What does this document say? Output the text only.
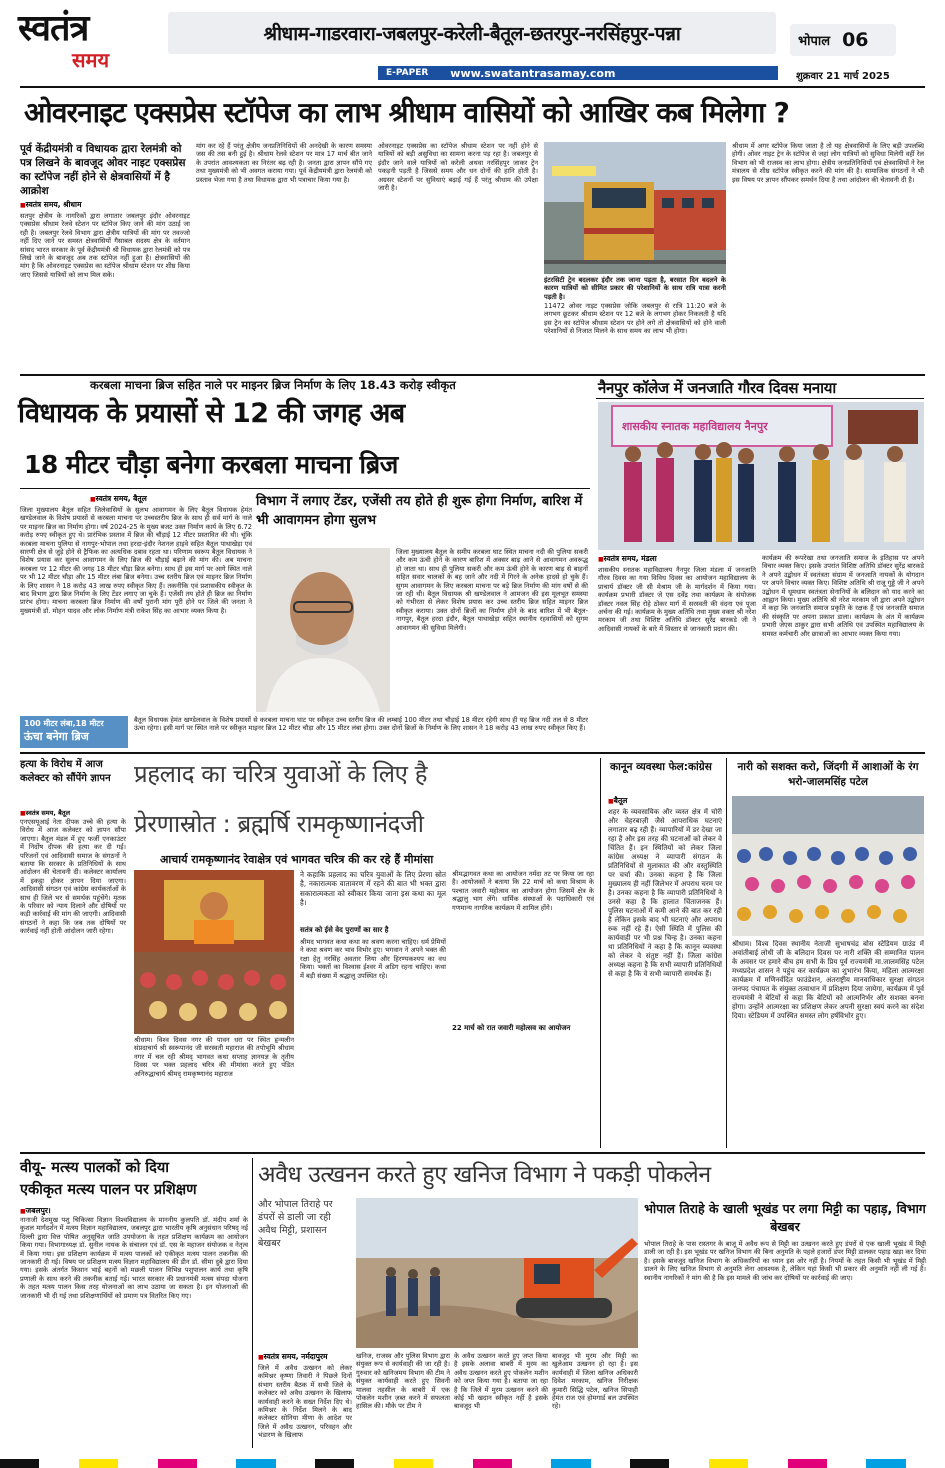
स्वतंत्र
समय
श्रीधाम-गाडरवारा-जबलपुर-करेली-बैतूल-छतरपुर-नरसिंहपुर-पन्ना	भोपाल 06
E-PAPER	www.swatantrasamay.com	शुक्रवार 21 मार्च 2025
ओवरनाइट एक्सप्रेस स्टॉपेज का लाभ श्रीधाम वासियों को आखिर कब मिलेगा ?
पूर्व केंद्रीयमंत्री व विधायक द्वारा रेलमंत्री को पत्र लिखने के बावजूद ओवर नाइट एक्सप्रेस का स्टॉपेज नहीं होने से क्षेत्रवासियों में है आक्रोश
■ स्वतंत्र समय, श्रीधाम
सतपुर क्षेत्रीय के नागरिकों द्वारा लगातार जबलपुर इंदौर ओवरनाइट एक्सप्रेस श्रीधाम रेलवे स्टेशन पर स्टॉपेज किए जाने की मांग उठाई जा रही है। जबलपुर रेलवे विभाग द्वारा क्षेत्रीय यात्रियों की मांग पर तवज्जो नहीं दिए जाने पर समस्त क्षेत्रवासियों गैसाबल सदस्य क्षेत्र के वर्तमान सांसद भारत सरकार के पूर्व केंद्रीयमंत्री श्री विधायक द्वारा रेलमंत्री को पत्र लिखे जाने के बावजूद अब तक स्टॉपेज नहीं हुआ है। क्षेत्रवासियों की मांग है कि ओवरनाइट एक्सप्रेस का स्टॉपेज श्रीधाम स्टेशन पर शीघ्र किया जाए जिससे यात्रियों को लाभ मिल सके।
मांग कर रहे हैं परंतु क्षेत्रीय जनप्रतिनिधियों की अनदेखी के कारण समस्या जस की तस बनी हुई है। श्रीधाम रेलवे स्टेशन पर मात्र 17 मार्च बीत जाने के उपरांत आवश्यकता का निरंतर बढ़ रही है। जनता द्वारा ज्ञापन सौंपे गए तथा मुख्यमंत्री को भी अवगत कराया गया। पूर्व केंद्रीयमंत्री द्वारा रेलमंत्री को प्रस्ताव भेजा गया है तथा विधायक द्वारा भी पत्राचार किया गया है।
ओवरनाइट एक्सप्रेस का स्टॉपेज श्रीधाम स्टेशन पर नहीं होने से यात्रियों को बड़ी असुविधा का सामना करना पड़ रहा है। जबलपुर से इंदौर जाने वाले यात्रियों को करेली अथवा नरसिंहपुर जाकर ट्रेन पकड़नी पड़ती है जिससे समय और धन दोनों की हानि होती है। अग्रसर स्टेशनों पर सुविधाएं बढ़ाई गई हैं परंतु श्रीधाम की उपेक्षा जारी है।
इंटरसिटी ट्रेन बदलकर इंदौर तक जाना पड़ता है, बरसात दिन बदलने के कारण यात्रियों को सीमित प्रकार की परेशानियों के साथ रात्रि यात्रा करनी पड़ती है।
11472 ओवर नाइट एक्सप्रेस जोकि जबलपुर से रात्रि 11:20 बजे के लगभग छूटकर श्रीधाम स्टेशन पर 12 बजे के लगभग होकर निकलती है यदि इस ट्रेन का स्टॉपेज श्रीधाम स्टेशन पर होने लगे तो क्षेत्रवासियों को होने वाली परेशानियों से निजात मिलने के साथ समय का लाभ भी होगा।
श्रीधाम में अगर स्टॉपेज किया जाता है तो यह क्षेत्रवासियों के लिए बड़ी उपलब्धि होगी। ओवर नाइट ट्रेन के स्टॉपेज से जहां लोग यात्रियों को सुविधा मिलेगी वहीं रेल विभाग को भी राजस्व का लाभ होगा। क्षेत्रीय जनप्रतिनिधियों एवं क्षेत्रवासियों ने रेल मंत्रालय से शीघ्र स्टॉपेज स्वीकृत करने की मांग की है। सामाजिक संगठनों ने भी इस विषय पर ज्ञापन सौंपकर समर्थन दिया है तथा आंदोलन की चेतावनी दी है।
करबला माचना ब्रिज सहित नाले पर माइनर ब्रिज निर्माण के लिए 18.43 करोड़ स्वीकृत
विधायक के प्रयासों से 12 की जगह अब
18 मीटर चौड़ा बनेगा करबला माचना ब्रिज
■ स्वतंत्र समय, बैतूल
जिला मुख्यालय बैतूल सहित जिलेवासियों के सुलभ आवागमन के लिए बैतूल विधायक हेमंत खण्डेलवाल के विशेष प्रयासों से करबला माचना पर उच्चस्तरीय ब्रिज के साथ ही सर्व मार्ग के नाले पर माइनर ब्रिज का निर्माण होगा। वर्ष 2024-25 के मुख्य बजट उक्त निर्माण कार्य के लिए 6.72 करोड़ रुपए स्वीकृत हुए थे। प्रारंभिक प्रस्ताव में ब्रिज की चौड़ाई 12 मीटर प्रस्तावित की थी। चूंकि करबला माचना पुलिया से नागपुर-भोपाल तथा हरदा-इंदौर नेशनल हाइवे सहित बैतूल पाथाखेड़ा एवं सारणी क्षेत्र से जुड़े होने से ट्रैफिक का अत्यधिक दबाव रहता था। परिणाम स्वरूप बैतूल विधायक ने विशेष प्रयास कर सुलभ आवागमन के लिए ब्रिज की चौड़ाई बढ़ाने की मांग की। अब माचना करबला पर 12 मीटर की जगह 18 मीटर चौड़ा ब्रिज बनेगा। साथ ही इस मार्ग पर आगे स्थित नाले पर भी 12 मीटर चौड़ा और 15 मीटर लंबा ब्रिज बनेगा। उच्च स्तरीय ब्रिज एवं माइनर ब्रिज निर्माण के लिए शासन ने 18 करोड़ 43 लाख रुपए स्वीकृत किए हैं। तकनीकि एवं प्रशासकीय स्वीकृत के बाद विभाग द्वारा ब्रिज निर्माण के लिए टेंडर लगाए जा चुके हैं। एजेंसी तय होते ही ब्रिज का निर्माण प्रारंभ होगा। माचना करबला ब्रिज निर्माण की वर्षों पुरानी मांग पूरी होने पर जिले की जनता ने मुख्यमंत्री डॉ. मोहन यादव और लोक निर्माण मंत्री राकेश सिंह का आभार व्यक्त किया है।
विभाग नें लगाए टेंडर, एजेंसी तय होते ही शुरू होगा निर्माण, बारिश में भी आवागमन होगा सुलभ
जिला मुख्यालय बैतूल के समीप करबला घाट स्थित माचना नदी की पुलिया सकरी और कम ऊंची होने के कारण बारिश में अक्सर बाढ़ आने से आवागमन अवरूद्ध हो जाता था। साथ ही पुलिया सकरी और कम ऊंची होने के कारण बाढ़ से बाहनों सहित सवार चालकों के बह जाने और नदी में गिरने के अनेक हादसे हो चुके हैं। सुगम आवागमन के लिए करबला माचना पर बड़े ब्रिज निर्माण की मांग वर्षों से की जा रही थी। बैतूल विधायक श्री खण्डेलवाल ने आमजन की इस मूलभूत समस्या को गंभीरता से लेकर विशेष प्रयास कर उच्च स्तरीय ब्रिज सहित माइनर ब्रिज स्वीकृत कराया। उक्त दोनों ब्रिजों का निर्माण होने के बाद बारिश में भी बैतूल-नागपुर, बैतूल हरदा इंदौर, बैतूल पाथाखेड़ा सहित स्थानीय रहवासियों को सुगम आवागमन की सुविधा मिलेगी।
100 मीटर लंबा,18 मीटर
ऊंचा बनेगा ब्रिज
बैतूल विधायक हेमंत खण्डेलवाल के विशेष प्रयासों से करबला माचना घाट पर स्वीकृत उच्च स्तरीय ब्रिज की लम्बाई 100 मीटर तथा चौड़ाई 18 मीटर रहेगी साथ ही यह ब्रिज नदी तल से 8 मीटर ऊंचा रहेगा। इसी मार्ग पर स्थित नाले पर स्वीकृत माइनर ब्रिज 12 मीटर चौड़ा और 15 मीटर लंबा होगा। उक्त दोनों ब्रिजों के निर्माण के लिए शासन ने 18 करोड़ 43 लाख रुपए स्वीकृत किए हैं।
नैनपुर कॉलेज में जनजाति गौरव दिवस मनाया
शासकीय स्नातक महाविद्यालय नैनपुर
■ स्वतंत्र समय, मंडला
शासकीय स्नातक महाविद्यालय नैनपुर जिला मंडला में जनजाति गौरव दिवस का गया विविध दिवस का आयोजन महाविद्यालय के प्राचार्य डॉक्टर जी सी मेश्राम जी के मार्गदर्शन में किया गया। कार्यक्रम प्रभारी डॉक्टर जे एस दर्वेंद्र तथा कार्यक्रम के संयोजक डॉक्टर नवल सिंह रोहे ठोकर मार्ग में सरस्वती की वंदना एवं पूजा अर्चना की गई। कार्यक्रम के मुख्य अतिथि तथा मुख्य वक्ता श्री नरेश मरकाम जी तथा विशिष्ट अतिथि डॉक्टर सुरेंद्र बारकडे जी ने आदिवासी नायकों के बारे में विस्तार से जानकारी प्रदान की।
कार्यक्रम की रूपरेखा तथा जनजाति समाज के इतिहास पर अपने विचार व्यक्त किए। इसके उपरांत विशिष्ट अतिथि डॉक्टर सुरेंद्र बारकडे ने अपने उद्बोधन में स्वतंत्रता संग्राम में जनजाति नायकों के योगदान पर अपने विचार व्यक्त किए। विशिष्ट अतिथि श्री राजू गुड्डे जी ने अपने उद्बोधन में धूमधाम स्वतंत्रता सेनानियों के बलिदान को याद करने का आह्वान किया। मुख्य अतिथि श्री नरेश मरकाम जी द्वारा अपने उद्बोधन में कहा कि जनजाति समाज प्रकृति के रक्षक हैं एवं जनजाति समाज की संस्कृति पर अपना प्रकाश डाला। कार्यक्रम के अंत में कार्यक्रम प्रभारी जेएस ठाकुर द्वारा सभी अतिथि एवं उपस्थित महाविद्यालय के समस्त कर्मचारी और छात्राओं का आभार व्यक्त किया गया।
हत्या के विरोध में आज कलेक्टर को सौंपेंगे ज्ञापन
■ स्वतंत्र समय, बैतूल
एनएसयूआई नेता दीपक उच्चे की हत्या के विरोध में आज कलेक्टर को ज्ञापन सौंपा जाएगा। बैतूल मंडल में हुए फर्जी एनकाउंटर में निर्दोष दीपक की हत्या कर दी गई। परिजनों एवं आदिवासी समाज के संगठनों ने बताया कि सरकार के प्रतिनिधियों के साथ आंदोलन की चेतावनी दी। कलेक्टर कार्यालय में इकट्ठा होकर ज्ञापन दिया जाएगा। आदिवासी संगठन एवं कांग्रेस कार्यकर्ताओं के साथ ही जिले भर से समर्थक पहुंचेंगे। मृतक के परिवार को न्याय दिलाने और दोषियों पर कड़ी कार्रवाई की मांग की जाएगी। आदिवासी संगठनों ने कहा कि जब तक दोषियों पर कार्रवाई नहीं होती आंदोलन जारी रहेगा।
प्रहलाद का चरित्र युवाओं के लिए है
प्रेरणास्रोत : ब्रह्मर्षि रामकृष्णानंदजी
आचार्य रामकृष्णानंद रेवाक्षेत्र एवं भागवत चरित्र की कर रहे हैं मीमांसा
श्रीधाम। विश्व दिवस नगर की पावन धरा पर स्थित हृन्मलीन संप्रदाचार्य श्री स्वरूपानंद जी सरस्वती महाराज की तपोभूमि श्रीधाम नगर में चल रही श्रीमद् भागवत कथा सप्ताह ज्ञानयज्ञ के तृतीय दिवस पर भक्त प्रहलाद चरित्र की मीमांसा करते हुए पंडित अनिरुद्धाचार्य श्रीमद् रामकृष्णानंद महाराज
ने कहाकि प्रहलाद का चरित्र युवाओं के लिए प्रेरणा स्रोत है, नकारात्मक वातावरण में रहने की बात भी भक्त द्वारा सकारात्मकता को स्वीकार किया जाना इस कथा का मूल है।
सतंत्र को ईसे वेद पुराणों का सार है
श्रीमद भागवत कथा कथा का श्रवण करना चाहिए। धर्म प्रेमियों ने कथा श्रवण कर भाव विभोर हुए। भगवान ने अपने भक्त की रक्षा हेतु नरसिंह अवतार लिया और हिरण्यकश्यप का वध किया। भक्तों का विश्वास ईश्वर में अडिग रहना चाहिए। कथा में बड़ी संख्या में श्रद्धालु उपस्थित रहे।
श्रीमद्भागवत कथा का आयोजन नर्मदा तट पर किया जा रहा है। आयोजकों ने बताया कि 22 मार्च को कथा विश्राम के पश्चात जवारी महोत्सव का आयोजन होगा जिसमें क्षेत्र के श्रद्धालु भाग लेंगे। धार्मिक संस्थाओं के पदाधिकारी एवं गणमान्य नागरिक कार्यक्रम में शामिल होंगे।
22 मार्च को रात जवारी महोत्सव का आयोजन
कानून व्यवस्था फेल:कांग्रेस
■ बैतूल
शहर के व्यवसायिक और व्यस्त क्षेत्र में चोरी और चेहरबाज़ी जैसे आपराधिक घटनाएं लगातार बढ़ रही हैं। व्यापारियों में डर देखा जा रहा है और इस तरह की घटनाओं को लेकर वे चिंतित हैं। इन स्थितियों को लेकर जिला कांग्रेस अध्यक्ष ने व्यापारी संगठन के प्रतिनिधियों से मुलाकात की और वस्तुस्थिति पर चर्चा की। उनका कहना है कि जिला मुख्यालय ही नहीं जिलेभर में अपराध चरम पर है। उनका कहना है कि व्यापारी प्रतिनिधियों ने उनसे कहा है कि हालात चिंताजनक हैं। पुलिस घटनाओं में कमी आने की बात कर रही है लेकिन इसके बाद भी घटनाएं और अपराध रुक नहीं रहे हैं। ऐसी स्थिति में पुलिस की कार्यवाही पर भी प्रश्न चिन्ह है। उनका कहना था प्रतिनिधियों ने कहा है कि कानून व्यवस्था को लेकर वे संतुष्ट नहीं हैं। जिला कांग्रेस अध्यक्ष कहना है कि सभी व्यापारी प्रतिनिधियों से कहा है कि वे सभी व्यापारी समर्थक हैं।
नारी को सशक्त करो, जिंदगी में आशाओं के रंग भरो-जालमसिंह पटेल
श्रीधाम। विश्व दिवस स्थानीय नेताजी सुभाषचंद्र बोस स्टेडियम ग्राउंड में अवांतीबाई लोधी जी के बलिदान दिवस पर नारी शक्ति की सम्मानित पालन के अवसर पर हमारे बीच हम सभी के प्रिय पूर्व राज्यमंत्री मा.जालमसिंह पटेल मध्यप्रदेश शासन ने पहुंच कर कार्यक्रम का शुभारंभ किया, महिला आत्मरक्षा कार्यक्रम में मणिनर्वदित फाउंडेशन, अंतराष्ट्रीय मानवाधिकार सुरक्षा संगठन जनपद पंचायत के संयुक्त तत्वाधान में प्रशिक्षण दिया जायेगा, कार्यक्रम में पूर्व राज्यमंत्री ने बेटियों से कहा कि बेटियों को आत्मनिर्भर और सशक्त बनना होगा। उन्होंने आत्मरक्षा का प्रशिक्षण लेकर अपनी सुरक्षा स्वयं करने का संदेश दिया। स्टेडियम में उपस्थित समस्त लोग हर्षविभोर हुए।
वीयू- मत्स्य पालकों को दिया
एकीकृत मत्स्य पालन पर प्रशिक्षण
■ जबलपुर।
नानाजी देशमुख पशु चिकित्सा विज्ञान विश्वविद्यालय के माननीय कुलपति डॉ. मंदीप शर्मा के कुशल मार्गदर्शन में मत्स्य विज्ञान महाविद्यालय, जबलपुर द्वारा भारतीय कृषि अनुसंधान परिषद् नई दिल्ली द्वारा वित्त पोषित अनुसूचित जाति उपयोजना के तहत प्रशिक्षण कार्यक्रम का आयोजन किया गया। विभागाध्यक्ष डॉ. सुनील नायक के संचालन एवं डॉ. एस के महाजन संयोजक व नेतृत्व में किया गया। इस प्रशिक्षण कार्यक्रम में मत्स्य पालकों को एकीकृत मत्स्य पालन तकनीक की जानकारी दी गई। विषय पर प्रशिक्षण मत्स्य विज्ञान महाविद्यालय की डीन डॉ. सीमा दुबे द्वारा दिया गया। इसके अंतर्गत किसान भाई बहनों को मछली पालन विभिन्न पशुपालन कार्य तथा कृषि प्रणाली के साथ करने की तकनीक बताई गई। भारत सरकार की प्रधानमंत्री मत्स्य संपदा योजना के तहत मत्स्य पालन किस तरह योजनाओं का लाभ उठाया जा सकता है। इन योजनाओं की जानकारी भी दी गई तथा प्रशिक्षणार्थियों को प्रमाण पत्र वितरित किए गए।
अवैध उत्खनन करते हुए खनिज विभाग ने पकड़ी पोकलेन
और भोपाल तिराहे पर डंपरों से डाली जा रही अवैध मिट्टी, प्रशासन बेखबर
■ स्वतंत्र समय, नर्मदापुरम
जिले में अवैध उत्खनन को लेकर कमिश्नर कृष्णा तिवारी ने पिछले दिनों संभाग स्तरीय बैठक में सभी जिले के कलेक्टर को अवैध उत्खनन के खिलाफ कार्यवाही करने के सख्त निर्देश दिए थे। कमिश्नर के निर्देश मिलने के बाद कलेक्टर सोनिया मीणा के आदेश पर जिले में अवैध उत्खनन, परिवहन और भंडारण के खिलाफ
खनिज, राजस्व और पुलिस विभाग द्वारा संयुक्त रूप से कार्यवाही की जा रही है। गुरुवार को खनिजमय विभाग की टीम ने संयुक्त कार्यवाही करते हुए सिवनी मालवा तहसील के बाबरी में एक पोकलेन मशीन ज़ब्त करने में सफलता हासिल की। मौके पर टीम ने
के अवैध उत्खनन करते हुए जप्त किया है इसके अलावा बाबरी में मुरम का अवैध उत्खनन करते हुए पोकलेन मशीन को जप्त किया गया है। बताया जा रहा है कि जिले में मुरम उत्खनन करने की कोई भी खदान स्वीकृत नहीं है इसके बावजूद भी
बावजूद भी मुरम और मिट्टी का खुलेआम उत्खनन हो रहा है। इस कार्यवाही में जिला खनिज अधिकारी दिवेश मरकाम, खनिज निरीक्षक कुमारी सिद्धि पटेल, खनिज सिपाही हेमंत राज एवं होमगार्ड बल उपस्थित रहे।
भोपाल तिराहे के खाली भूखंड पर लगा मिट्टी का पहाड़, विभाग बेखबर
भोपाल तिराहे के पास रास्तगर के बाजू में अवैध रूप से मिट्टी का उत्खनन करते हुए डंपरों से एक खाली भूखंड में मिट्टी डाली जा रही है। इस भूखंड पर खनिज विभाग की बिना अनुमति के पहले हजारों डंपर मिट्टी डालकर पहाड़ खड़ा कर दिया है। इसके बावजूद खनिज विभाग के अधिकारियों का ध्यान इस ओर नहीं है। नियमों के तहत किसी भी भूखंड में मिट्टी डालने के लिए खनिज विभाग से अनुमति लेना आवश्यक है, लेकिन यहां किसी भी प्रकार की अनुमति नहीं ली गई है। स्थानीय नागरिकों ने मांग की है कि इस मामले की जांच कर दोषियों पर कार्रवाई की जाए।
